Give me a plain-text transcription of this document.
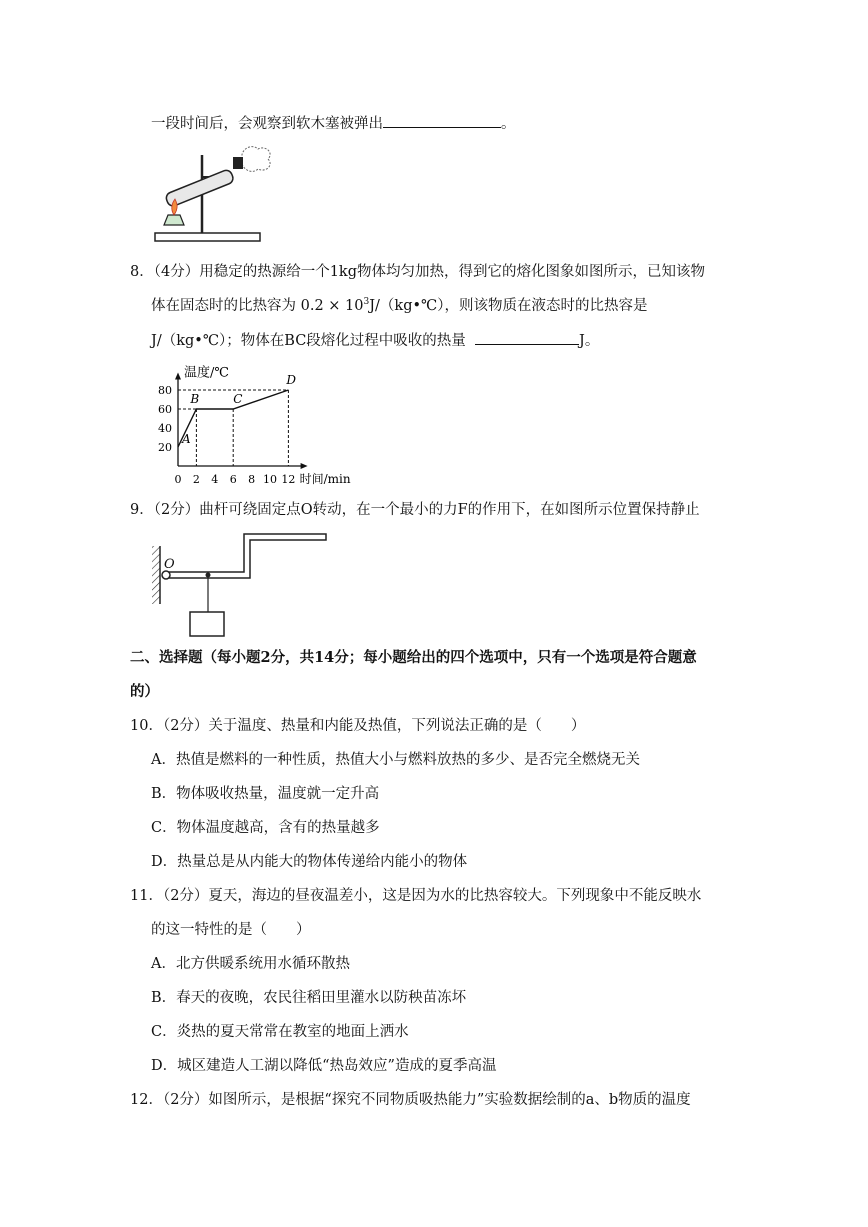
一段时间后，会观察到软木塞被弹出	。
8．（4分）用稳定的热源给一个1kg物体均匀加热，得到它的熔化图象如图所示，已知该物
体在固态时的比热容为 $0.2 \times 10^3J/(kg•℃)$，则该物质在液态时的比热容是
J/（kg•℃）；物体在BC段熔化过程中吸收的热量	J。
温度/℃
时间/min
0 2 4 6 8 10 12
20
40
60
80
A
B	C
D
9．（2分）曲杆可绕固定点O转动，在一个最小的力F的作用下，在如图所示位置保持静止
O
二、选择题（每小题2分，共14分；每小题给出的四个选项中，只有一个选项是符合题意
的）
10．（2分）关于温度、热量和内能及热值，下列说法正确的是（　　）
A．热值是燃料的一种性质，热值大小与燃料放热的多少、是否完全燃烧无关
B．物体吸收热量，温度就一定升高
C．物体温度越高，含有的热量越多
D．热量总是从内能大的物体传递给内能小的物体
11．（2分）夏天，海边的昼夜温差小，这是因为水的比热容较大。下列现象中不能反映水
的这一特性的是（　　）
A．北方供暖系统用水循环散热
B．春天的夜晚，农民往稻田里灌水以防秧苗冻坏
C．炎热的夏天常常在教室的地面上洒水
D．城区建造人工湖以降低“热岛效应”造成的夏季高温
12．（2分）如图所示，是根据“探究不同物质吸热能力”实验数据绘制的a、b物质的温度
